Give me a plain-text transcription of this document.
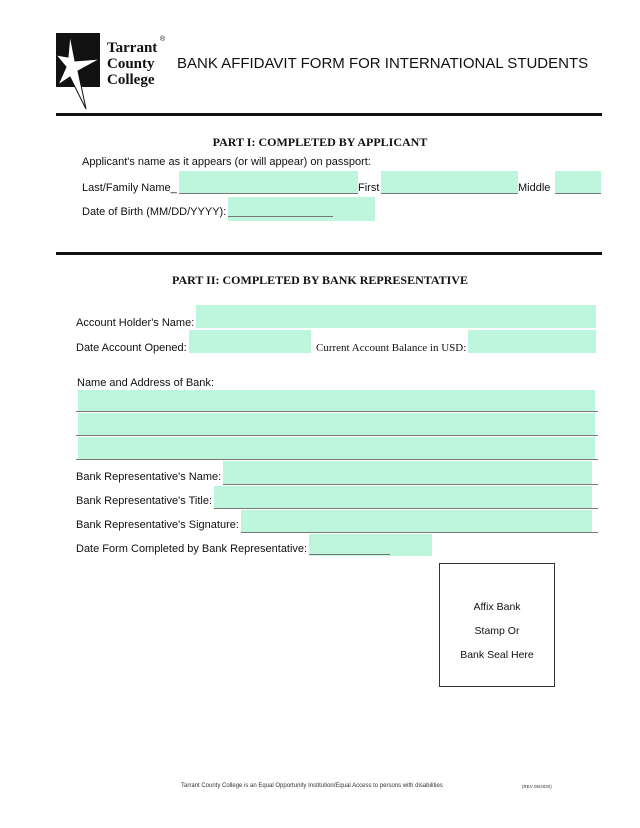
Tarrant
County
College
®
BANK AFFIDAVIT FORM FOR INTERNATIONAL STUDENTS
PART I: COMPLETED BY APPLICANT
Applicant's name as it appears (or will appear) on passport:
Last/Family Name_	First	Middle
Date of Birth (MM/DD/YYYY):
PART II: COMPLETED BY BANK REPRESENTATIVE
Account Holder's Name:
Date Account Opened:	Current Account Balance in USD:
Name and Address of Bank:
Bank Representative's Name:
Bank Representative's Title:
Bank Representative's Signature:
Date Form Completed by Bank Representative:
Affix Bank
Stamp Or
Bank Seal Here
Tarrant County College is an Equal Opportunity Institution/Equal Access to persons with disabilities	(REV 05/2020)
